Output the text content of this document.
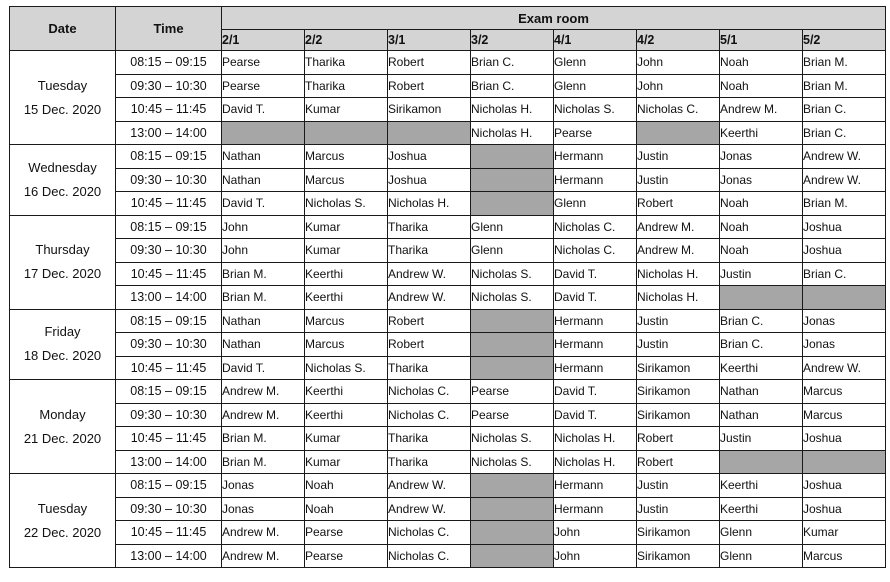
Date	Time	Exam room							
		2/1	2/2	3/1	3/2	4/1	4/2	5/1	5/2

Tuesday
15 Dec. 2020	08:15 – 09:15	Pearse	Tharika	Robert	Brian C.	Glenn	John	Noah	Brian M.
	09:30 – 10:30	Pearse	Tharika	Robert	Brian C.	Glenn	John	Noah	Brian M.
	10:45 – 11:45	David T.	Kumar	Sirikamon	Nicholas H.	Nicholas S.	Nicholas C.	Andrew M.	Brian C.
	13:00 – 14:00				Nicholas H.	Pearse		Keerthi	Brian C.

Wednesday
16 Dec. 2020	08:15 – 09:15	Nathan	Marcus	Joshua		Hermann	Justin	Jonas	Andrew W.
	09:30 – 10:30	Nathan	Marcus	Joshua		Hermann	Justin	Jonas	Andrew W.
	10:45 – 11:45	David T.	Nicholas S.	Nicholas H.		Glenn	Robert	Noah	Brian M.

Thursday
17 Dec. 2020	08:15 – 09:15	John	Kumar	Tharika	Glenn	Nicholas C.	Andrew M.	Noah	Joshua
	09:30 – 10:30	John	Kumar	Tharika	Glenn	Nicholas C.	Andrew M.	Noah	Joshua
	10:45 – 11:45	Brian M.	Keerthi	Andrew W.	Nicholas S.	David T.	Nicholas H.	Justin	Brian C.
	13:00 – 14:00	Brian M.	Keerthi	Andrew W.	Nicholas S.	David T.	Nicholas H.		

Friday
18 Dec. 2020	08:15 – 09:15	Nathan	Marcus	Robert		Hermann	Justin	Brian C.	Jonas
	09:30 – 10:30	Nathan	Marcus	Robert		Hermann	Justin	Brian C.	Jonas
	10:45 – 11:45	David T.	Nicholas S.	Tharika		Hermann	Sirikamon	Keerthi	Andrew W.

Monday
21 Dec. 2020	08:15 – 09:15	Andrew M.	Keerthi	Nicholas C.	Pearse	David T.	Sirikamon	Nathan	Marcus
	09:30 – 10:30	Andrew M.	Keerthi	Nicholas C.	Pearse	David T.	Sirikamon	Nathan	Marcus
	10:45 – 11:45	Brian M.	Kumar	Tharika	Nicholas S.	Nicholas H.	Robert	Justin	Joshua
	13:00 – 14:00	Brian M.	Kumar	Tharika	Nicholas S.	Nicholas H.	Robert		

Tuesday
22 Dec. 2020	08:15 – 09:15	Jonas	Noah	Andrew W.		Hermann	Justin	Keerthi	Joshua
	09:30 – 10:30	Jonas	Noah	Andrew W.		Hermann	Justin	Keerthi	Joshua
	10:45 – 11:45	Andrew M.	Pearse	Nicholas C.		John	Sirikamon	Glenn	Kumar
	13:00 – 14:00	Andrew M.	Pearse	Nicholas C.		John	Sirikamon	Glenn	Marcus
